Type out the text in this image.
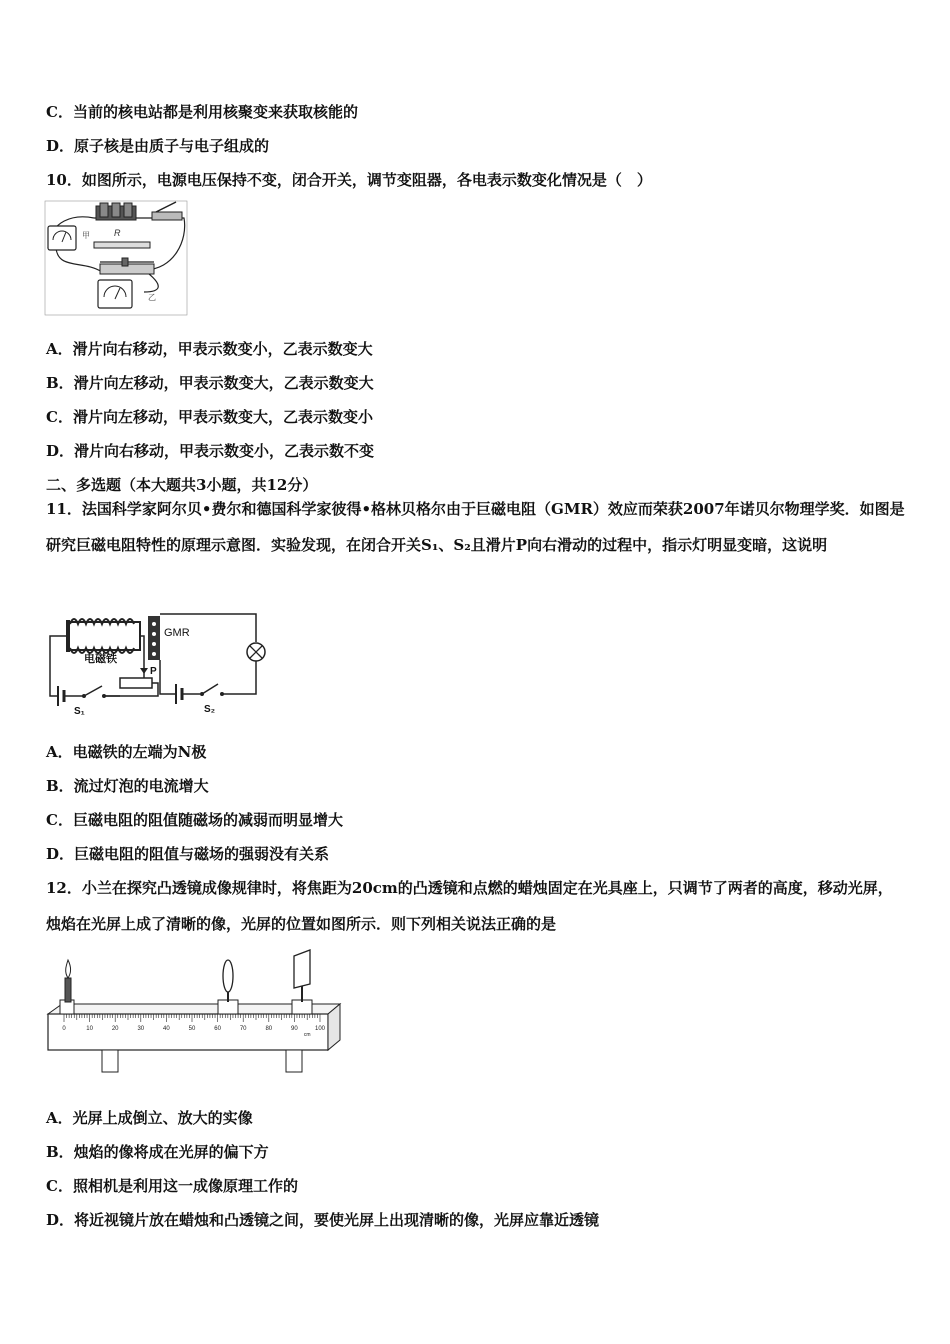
C．当前的核电站都是利用核聚变来获取核能的
D．原子核是由质子与电子组成的
10．如图所示，电源电压保持不变，闭合开关，调节变阻器，各电表示数变化情况是（　）
甲	R
乙
A．滑片向右移动，甲表示数变小，乙表示数变大
B．滑片向左移动，甲表示数变大，乙表示数变大
C．滑片向左移动，甲表示数变大，乙表示数变小
D．滑片向右移动，甲表示数变小，乙表示数不变
二、多选题（本大题共3小题，共12分）
11．法国科学家阿尔贝•费尔和德国科学家彼得•格林贝格尔由于巨磁电阻（GMR）效应而荣获2007年诺贝尔物理学奖．如图是研究巨磁电阻特性的原理示意图．实验发现，在闭合开关S₁、S₂且滑片P向右滑动的过程中，指示灯明显变暗，这说明
电磁铁
S₁
P
GMR
S₂
A．电磁铁的左端为N极
B．流过灯泡的电流增大
C．巨磁电阻的阻值随磁场的减弱而明显增大
D．巨磁电阻的阻值与磁场的强弱没有关系
12．小兰在探究凸透镜成像规律时，将焦距为20cm的凸透镜和点燃的蜡烛固定在光具座上，只调节了两者的高度，移动光屏，烛焰在光屏上成了清晰的像，光屏的位置如图所示．则下列相关说法正确的是
0	10	20	30	40	50	60	70	80	90	100
cm
A．光屏上成倒立、放大的实像
B．烛焰的像将成在光屏的偏下方
C．照相机是利用这一成像原理工作的
D．将近视镜片放在蜡烛和凸透镜之间，要使光屏上出现清晰的像，光屏应靠近透镜
